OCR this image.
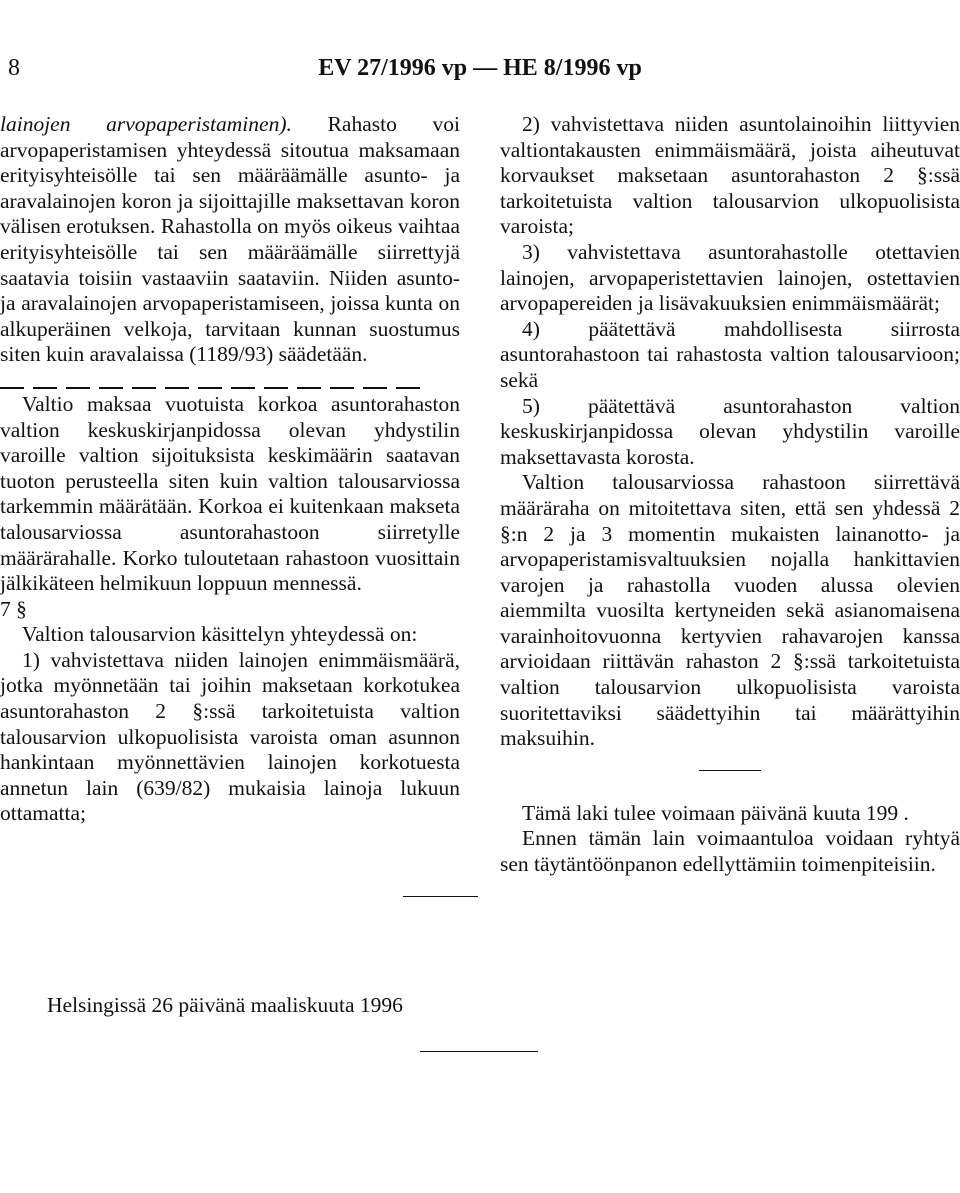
8	EV 27/1996 vp — HE 8/1996 vp

lainojen arvopaperistaminen). Rahasto voi arvopaperistamisen yhteydessä sitoutua maksamaan erityisyhteisölle tai sen määräämälle asunto- ja aravalainojen koron ja sijoittajille maksettavan koron välisen erotuksen. Rahastolla on myös oikeus vaihtaa erityisyhteisölle tai sen määräämälle siirrettyjä saatavia toisiin vastaaviin saataviin. Niiden asunto- ja aravalainojen arvopaperistamiseen, joissa kunta on alkuperäinen velkoja, tarvitaan kunnan suostumus siten kuin aravalaissa (1189/93) säädetään.

Valtio maksaa vuotuista korkoa asuntorahaston valtion keskuskirjanpidossa olevan yhdystilin varoille valtion sijoituksista keskimäärin saatavan tuoton perusteella siten kuin valtion talousarviossa tarkemmin määrätään. Korkoa ei kuitenkaan makseta talousarviossa asuntorahastoon siirretylle määrärahalle. Korko tuloutetaan rahastoon vuosittain jälkikäteen helmikuun loppuun mennessä.

7 §

Valtion talousarvion käsittelyn yhteydessä on:

1) vahvistettava niiden lainojen enimmäismäärä, jotka myönnetään tai joihin maksetaan korkotukea asuntorahaston 2 §:ssä tarkoitetuista valtion talousarvion ulkopuolisista varoista oman asunnon hankintaan myönnettävien lainojen korkotuesta annetun lain (639/82) mukaisia lainoja lukuun ottamatta;

2) vahvistettava niiden asuntolainoihin liittyvien valtiontakausten enimmäismäärä, joista aiheutuvat korvaukset maksetaan asuntorahaston 2 §:ssä tarkoitetuista valtion talousarvion ulkopuolisista varoista;

3) vahvistettava asuntorahastolle otettavien lainojen, arvopaperistettavien lainojen, ostettavien arvopapereiden ja lisävakuuksien enimmäismäärät;

4) päätettävä mahdollisesta siirrosta asuntorahastoon tai rahastosta valtion talousarvioon; sekä

5) päätettävä asuntorahaston valtion keskuskirjanpidossa olevan yhdystilin varoille maksettavasta korosta.

Valtion talousarviossa rahastoon siirrettävä määräraha on mitoitettava siten, että sen yhdessä 2 §:n 2 ja 3 momentin mukaisten lainanotto- ja arvopaperistamisvaltuuksien nojalla hankittavien varojen ja rahastolla vuoden alussa olevien aiemmilta vuosilta kertyneiden sekä asianomaisena varainhoitovuonna kertyvien rahavarojen kanssa arvioidaan riittävän rahaston 2 §:ssä tarkoitetuista valtion talousarvion ulkopuolisista varoista suoritettaviksi säädettyihin tai määrättyihin maksuihin.

Tämä laki tulee voimaan päivänä kuuta 199 .

Ennen tämän lain voimaantuloa voidaan ryhtyä sen täytäntöönpanon edellyttämiin toimenpiteisiin.

Helsingissä 26 päivänä maaliskuuta 1996
